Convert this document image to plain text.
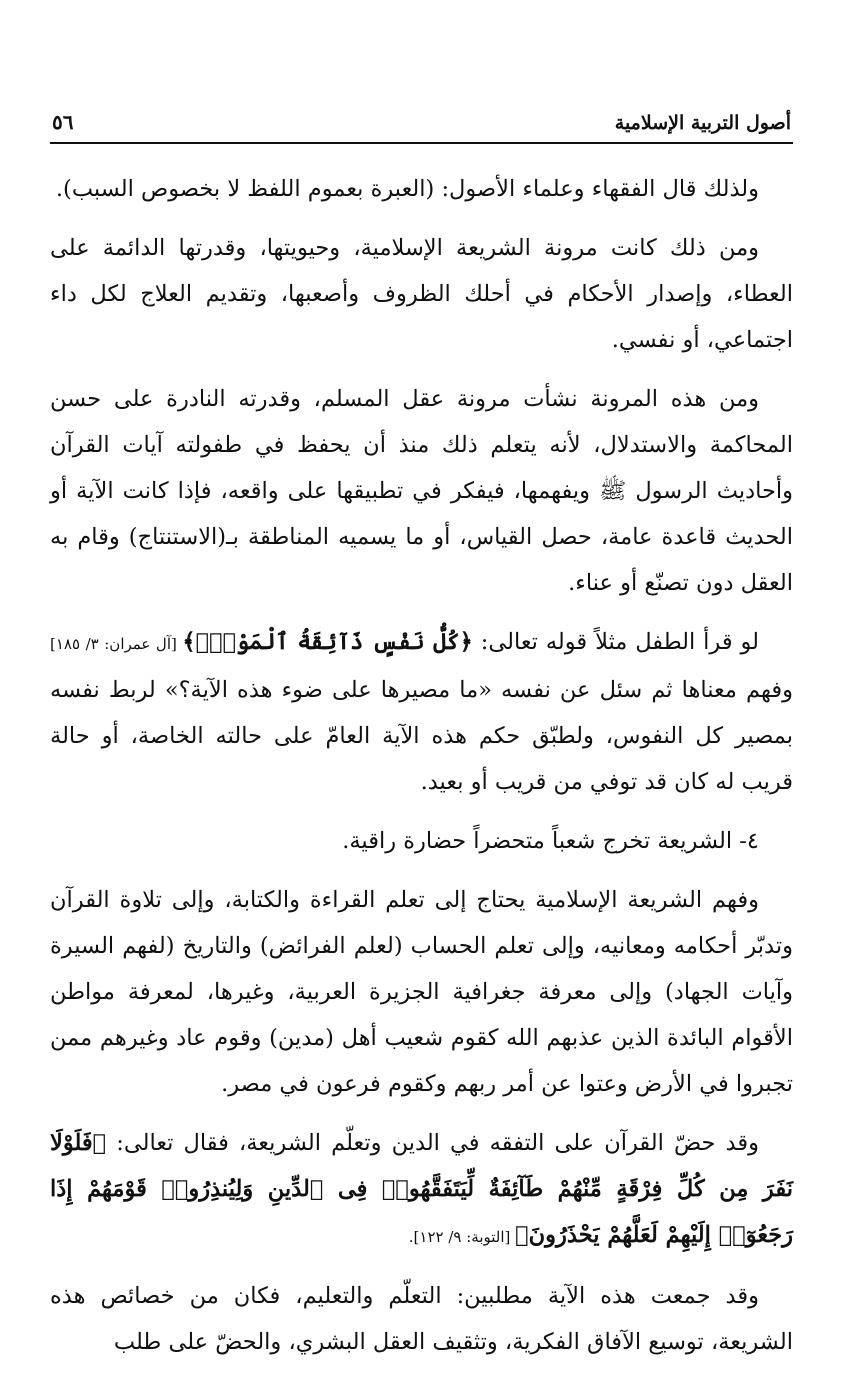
أصول التربية الإسلامية
٥٦

ولذلك قال الفقهاء وعلماء الأصول: (العبرة بعموم اللفظ لا بخصوص السبب).

ومن ذلك كانت مرونة الشريعة الإسلامية، وحيويتها، وقدرتها الدائمة على العطاء، وإصدار الأحكام في أحلك الظروف وأصعبها، وتقديم العلاج لكل داء اجتماعي، أو نفسي.

ومن هذه المرونة نشأت مرونة عقل المسلم، وقدرته النادرة على حسن المحاكمة والاستدلال، لأنه يتعلم ذلك منذ أن يحفظ في طفولته آيات القرآن وأحاديث الرسول ﷺ ويفهمها، فيفكر في تطبيقها على واقعه، فإذا كانت الآية أو الحديث قاعدة عامة، حصل القياس، أو ما يسميه المناطقة بـ(الاستنتاج) وقام به العقل دون تصنّع أو عناء.

لو قرأ الطفل مثلاً قوله تعالى: ﴿كُلُّ نَفْسٍ ذَآئِقَةُ ٱلْمَوْتِۗ﴾ [آل عمران: ٣/ ١٨٥] وفهم معناها ثم سئل عن نفسه «ما مصيرها على ضوء هذه الآية؟» لربط نفسه بمصير كل النفوس، ولطبّق حكم هذه الآية العامّ على حالته الخاصة، أو حالة قريب له كان قد توفي من قريب أو بعيد.

٤- الشريعة تخرج شعباً متحضراً حضارة راقية.

وفهم الشريعة الإسلامية يحتاج إلى تعلم القراءة والكتابة، وإلى تلاوة القرآن وتدبّر أحكامه ومعانيه، وإلى تعلم الحساب (لعلم الفرائض) والتاريخ (لفهم السيرة وآيات الجهاد) وإلى معرفة جغرافية الجزيرة العربية، وغيرها، لمعرفة مواطن الأقوام البائدة الذين عذبهم الله كقوم شعيب أهل (مدين) وقوم عاد وغيرهم ممن تجبروا في الأرض وعتوا عن أمر ربهم وكقوم فرعون في مصر.

وقد حضّ القرآن على التفقه في الدين وتعلّم الشريعة، فقال تعالى: ﴿فَلَوْلَا نَفَرَ مِن كُلِّ فِرْقَةٍ مِّنْهُمْ طَآئِفَةٌ لِّيَتَفَقَّهُوا۟ فِى ٱلدِّينِ وَلِيُنذِرُوا۟ قَوْمَهُمْ إِذَا رَجَعُوٓا۟ إِلَيْهِمْ لَعَلَّهُمْ يَحْذَرُونَ﴾ [التوبة: ٩/ ١٢٢].

وقد جمعت هذه الآية مطلبين: التعلّم والتعليم، فكان من خصائص هذه الشريعة، توسيع الآفاق الفكرية، وتثقيف العقل البشري، والحضّ على طلب
